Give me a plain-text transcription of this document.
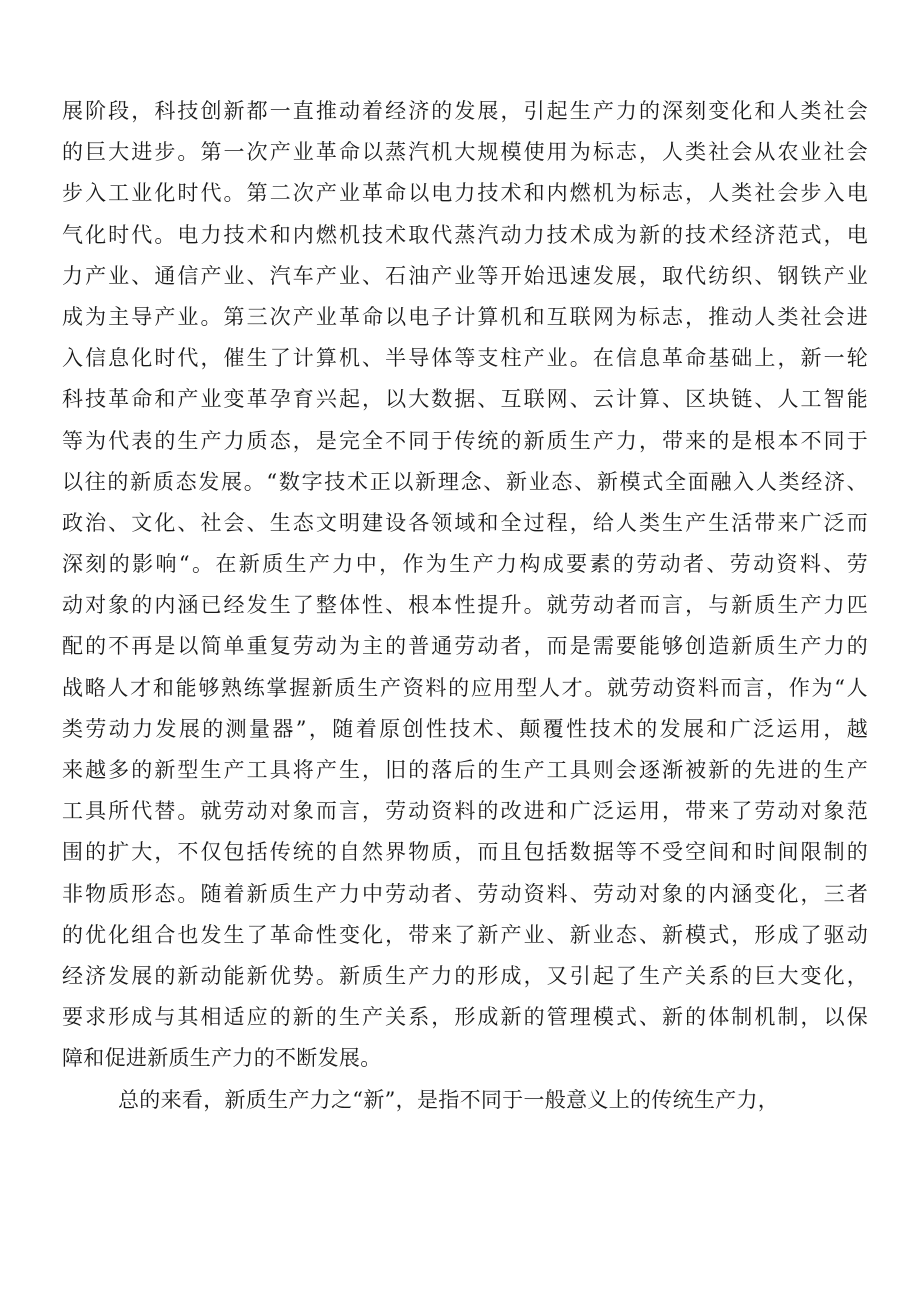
展阶段，科技创新都一直推动着经济的发展，引起生产力的深刻变化和人类社会
的巨大进步。第一次产业革命以蒸汽机大规模使用为标志，人类社会从农业社会
步入工业化时代。第二次产业革命以电力技术和内燃机为标志，人类社会步入电
气化时代。电力技术和内燃机技术取代蒸汽动力技术成为新的技术经济范式，电
力产业、通信产业、汽车产业、石油产业等开始迅速发展，取代纺织、钢铁产业
成为主导产业。第三次产业革命以电子计算机和互联网为标志，推动人类社会进
入信息化时代，催生了计算机、半导体等支柱产业。在信息革命基础上，新一轮
科技革命和产业变革孕育兴起，以大数据、互联网、云计算、区块链、人工智能
等为代表的生产力质态，是完全不同于传统的新质生产力，带来的是根本不同于
以往的新质态发展。“数字技术正以新理念、新业态、新模式全面融入人类经济、
政治、文化、社会、生态文明建设各领域和全过程，给人类生产生活带来广泛而
深刻的影响“。在新质生产力中，作为生产力构成要素的劳动者、劳动资料、劳
动对象的内涵已经发生了整体性、根本性提升。就劳动者而言，与新质生产力匹
配的不再是以简单重复劳动为主的普通劳动者，而是需要能够创造新质生产力的
战略人才和能够熟练掌握新质生产资料的应用型人才。就劳动资料而言，作为“人
类劳动力发展的测量器”，随着原创性技术、颠覆性技术的发展和广泛运用，越
来越多的新型生产工具将产生，旧的落后的生产工具则会逐渐被新的先进的生产
工具所代替。就劳动对象而言，劳动资料的改进和广泛运用，带来了劳动对象范
围的扩大，不仅包括传统的自然界物质，而且包括数据等不受空间和时间限制的
非物质形态。随着新质生产力中劳动者、劳动资料、劳动对象的内涵变化，三者
的优化组合也发生了革命性变化，带来了新产业、新业态、新模式，形成了驱动
经济发展的新动能新优势。新质生产力的形成，又引起了生产关系的巨大变化，
要求形成与其相适应的新的生产关系，形成新的管理模式、新的体制机制，以保
障和促进新质生产力的不断发展。
总的来看，新质生产力之“新”，是指不同于一般意义上的传统生产力，
